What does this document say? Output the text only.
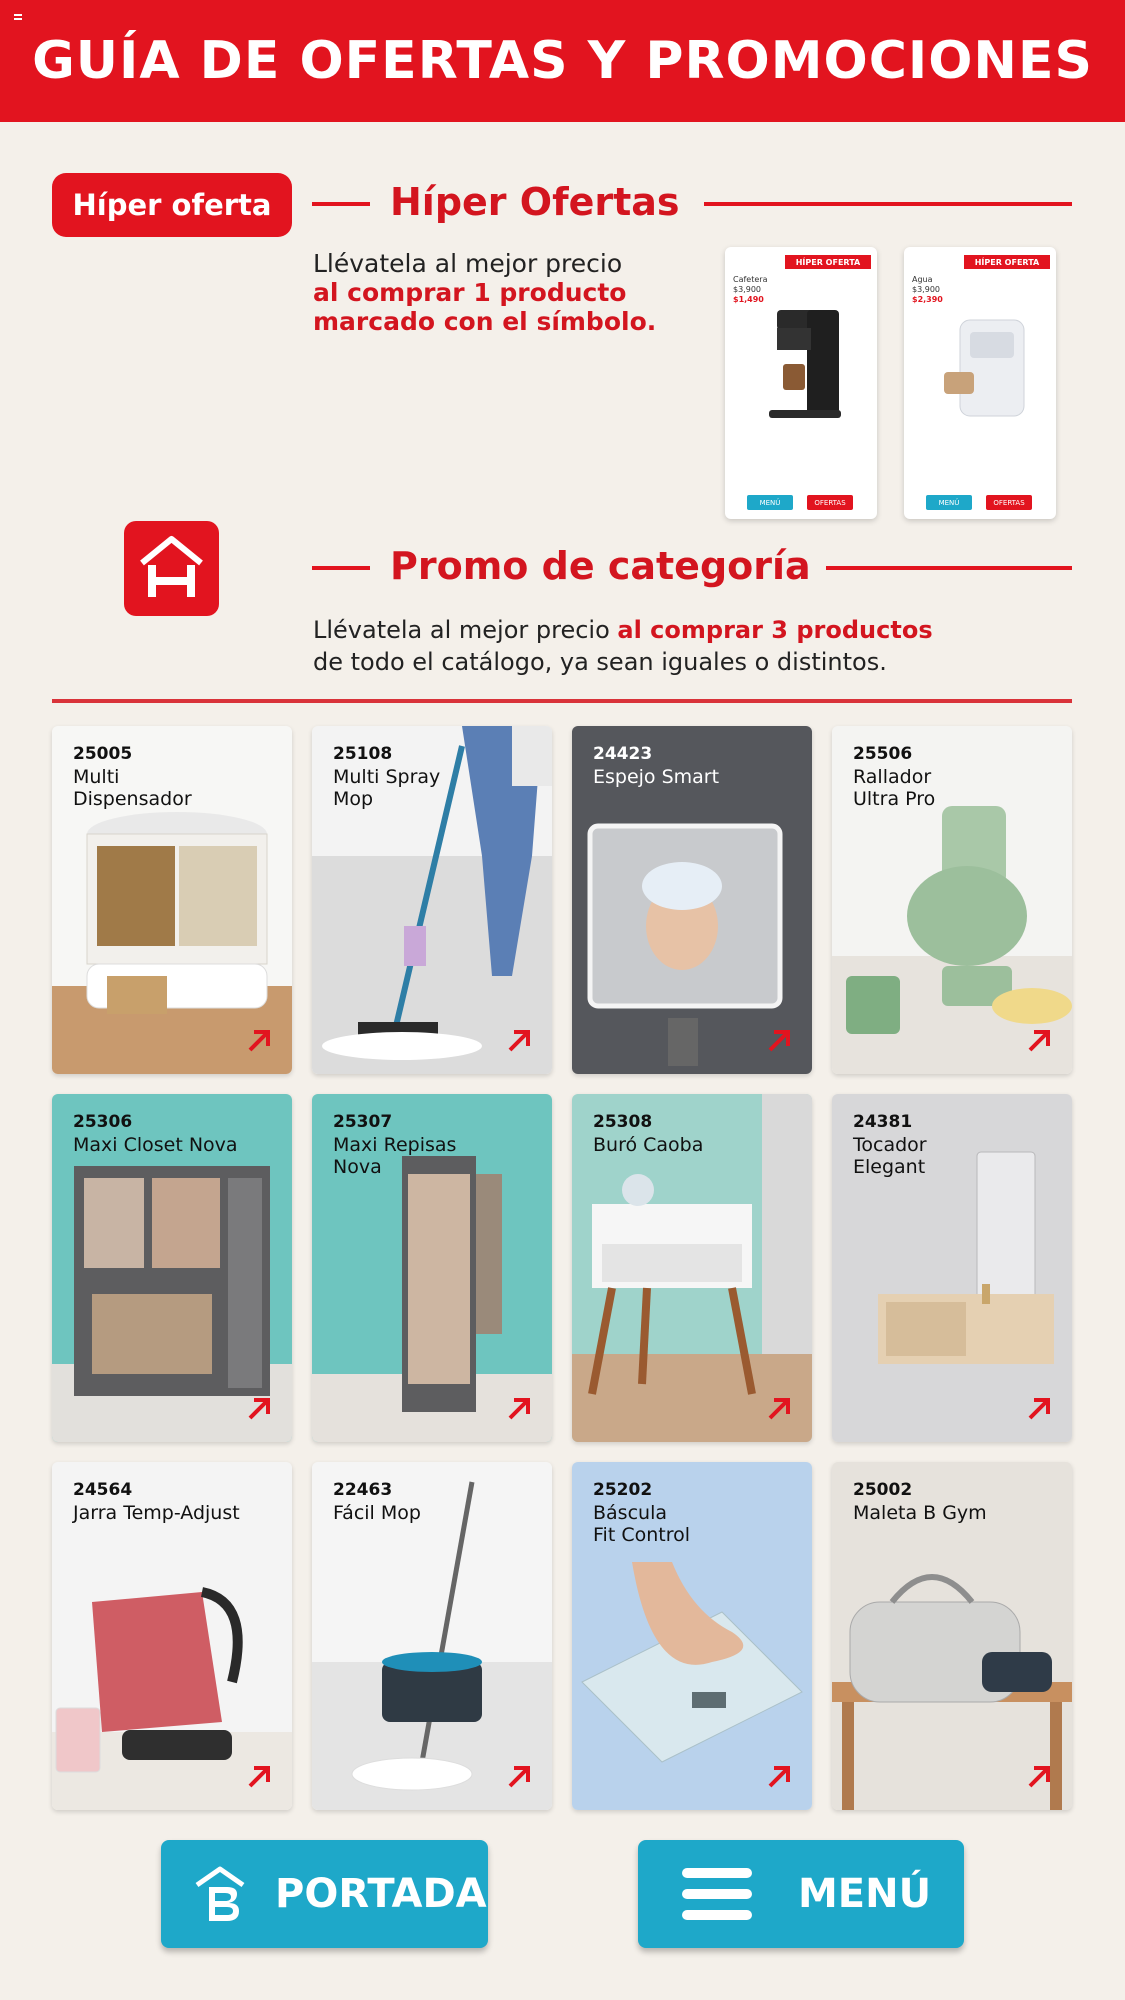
GUÍA DE OFERTAS Y PROMOCIONES
Híper oferta	Híper Ofertas
Llévatela al mejor precio
al comprar 1 producto
marcado con el símbolo.
HÍPER OFERTA
Cafetera
$3,900
$1,490
MENÚ	OFERTAS
HÍPER OFERTA
Agua
$3,900
$2,390
MENÚ	OFERTAS
Promo de categoría
Llévatela al mejor precio al comprar 3 productos
de todo el catálogo, ya sean iguales o distintos.
25005
Multi
Dispensador
25108
Multi Spray
Mop
24423
Espejo Smart
25506
Rallador
Ultra Pro
25306
Maxi Closet Nova
25307
Maxi Repisas
Nova
25308
Buró Caoba
24381
Tocador
Elegant
24564
Jarra Temp-Adjust
22463
Fácil Mop
25202
Báscula
Fit Control
25002
Maleta B Gym
PORTADA	MENÚ
